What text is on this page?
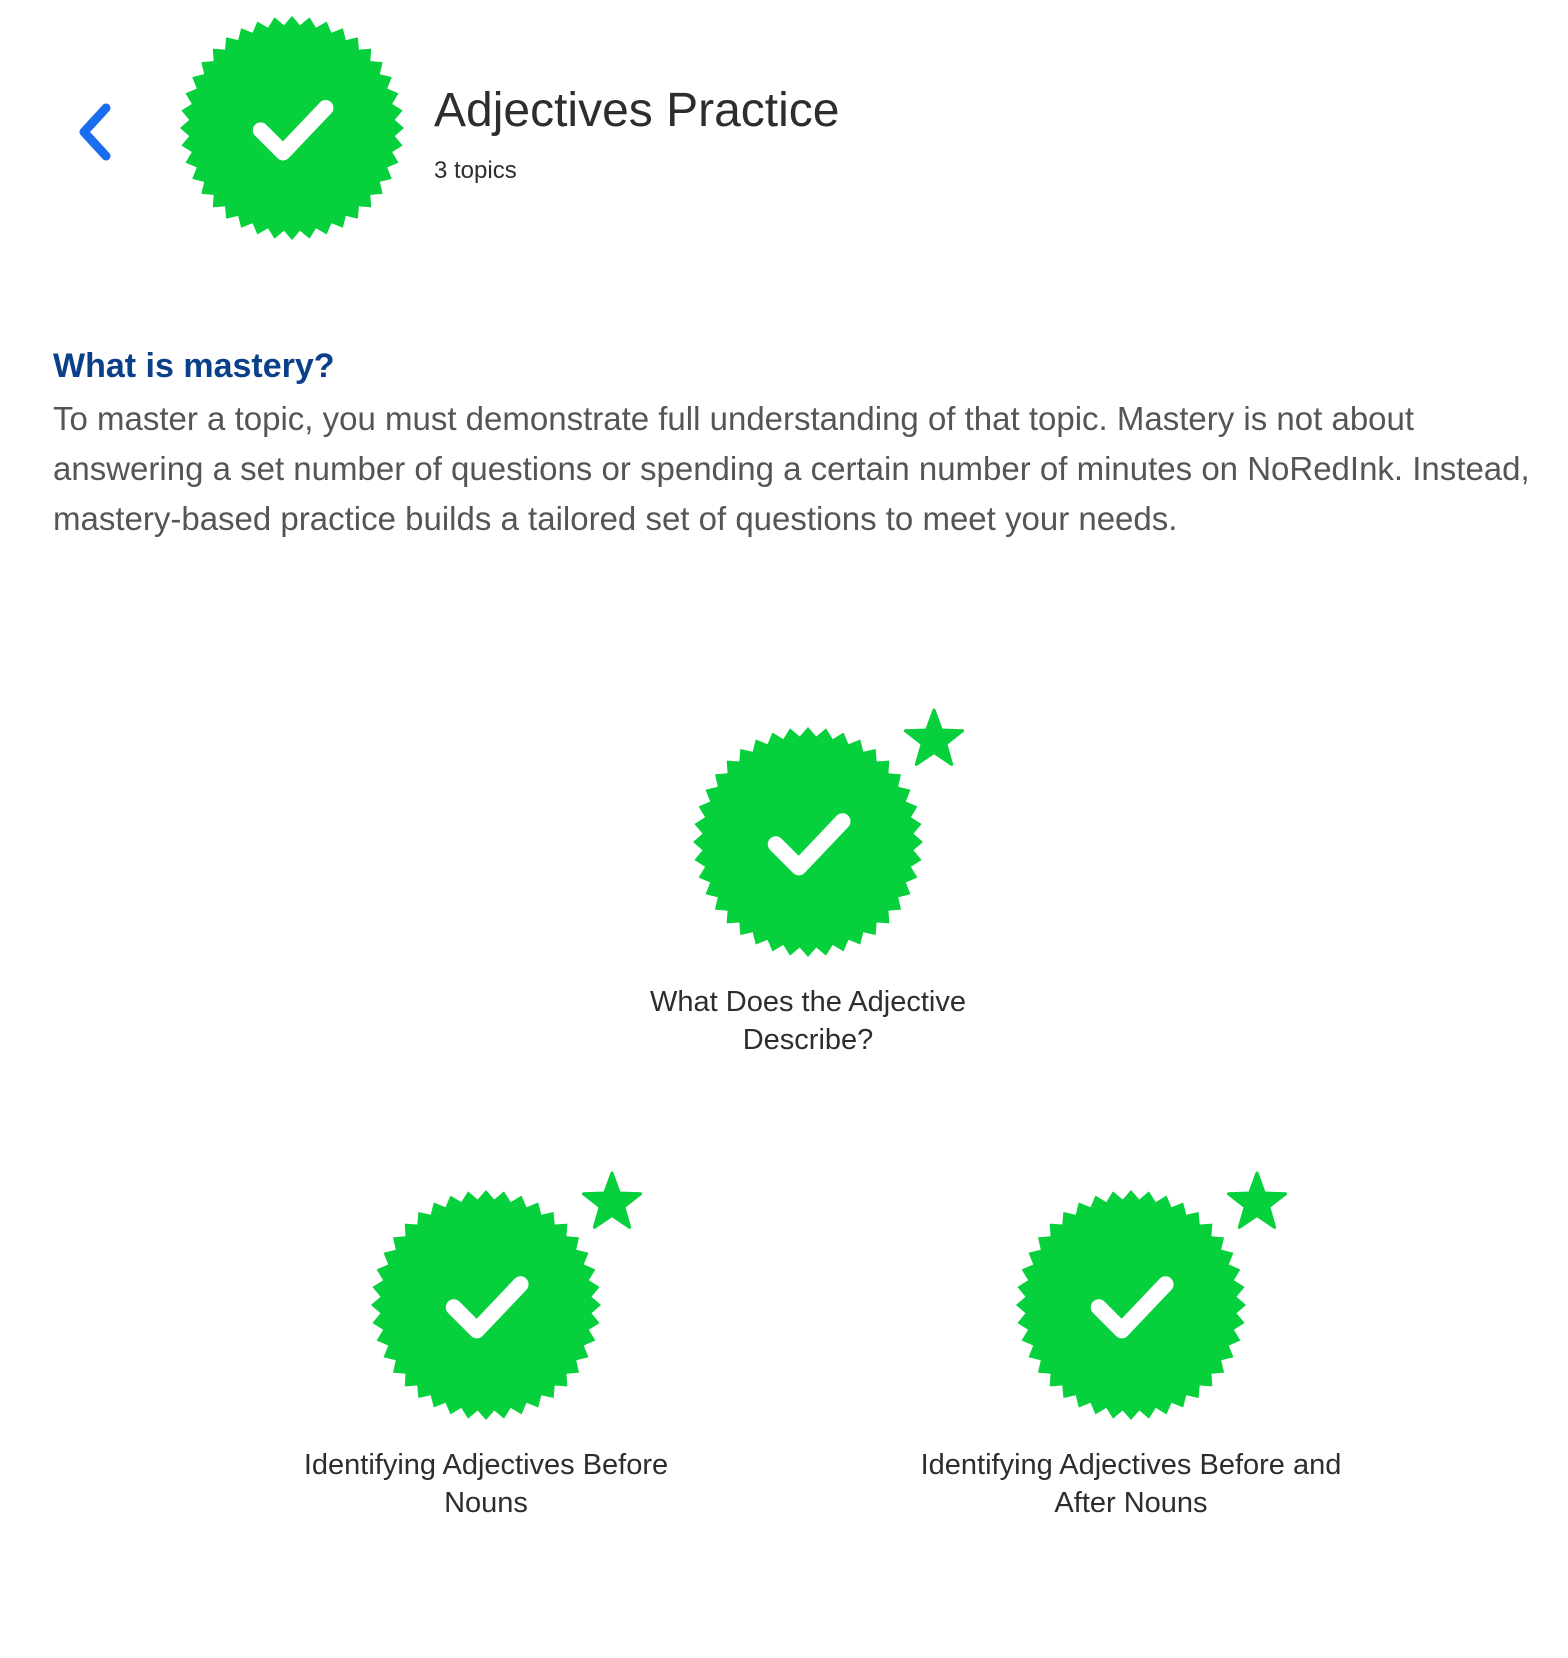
Adjectives Practice
3 topics
What is mastery?

To master a topic, you must demonstrate full understanding of that topic. Mastery is not about answering a set number of questions or spending a certain number of minutes on NoRedInk. Instead, mastery-based practice builds a tailored set of questions to meet your needs.

What Does the Adjective Describe?
Identifying Adjectives Before Nouns
Identifying Adjectives Before and After Nouns
